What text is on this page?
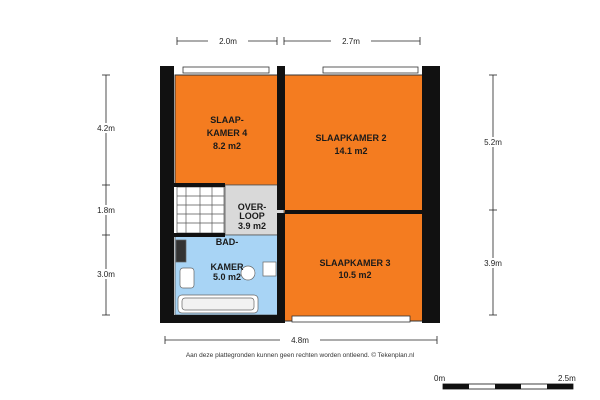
SLAAP-
KAMER 4
8.2 m2
SLAAPKAMER 2
14.1 m2
SLAAPKAMER 3
10.5 m2
OVER-
LOOP
3.9 m2
BAD-
KAMER
5.0 m2
2.0m	2.7m
4.8m
4.2m
1.8m
3.0m
5.2m
3.9m
Aan deze plattegronden kunnen geen rechten worden ontleend. © Tekenplan.nl
0m	2.5m
